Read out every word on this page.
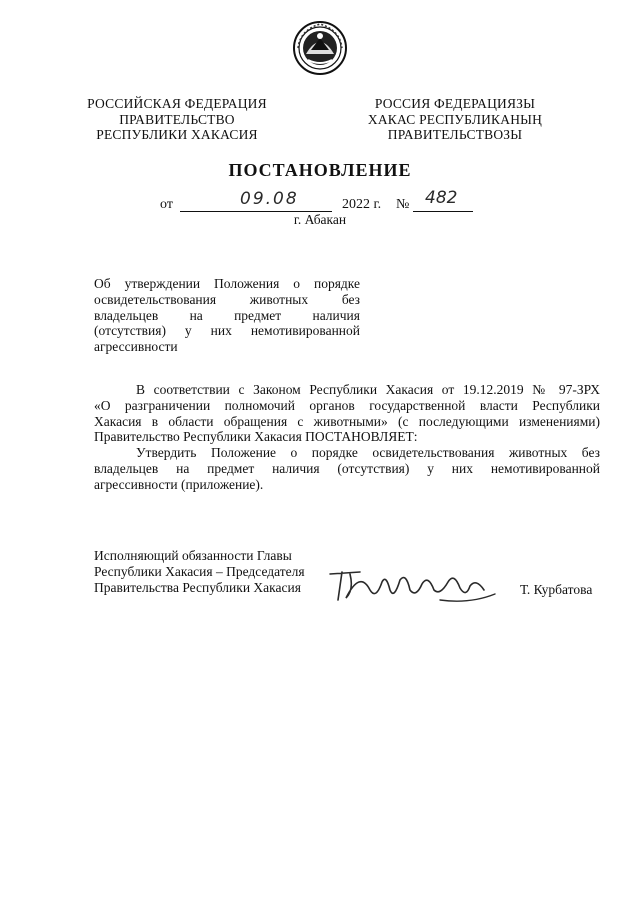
РОССИЙСКАЯ ФЕДЕРАЦИЯ
ПРАВИТЕЛЬСТВО
РЕСПУБЛИКИ ХАКАСИЯ
РОССИЯ ФЕДЕРАЦИЯЗЫ
ХАКАС РЕСПУБЛИКАНЫҢ
ПРАВИТЕЛЬСТВОЗЫ
ПОСТАНОВЛЕНИЕ
от	09.08	2022 г. № 482
г. Абакан
Об утверждении Положения о порядке
освидетельствования животных без
владельцев на предмет наличия
(отсутствия) у них немотивированной
агрессивности
В соответствии с Законом Республики Хакасия от 19.12.2019 № 97-ЗРХ
«О разграничении полномочий органов государственной власти Республики
Хакасия в области обращения с животными» (с последующими изменениями)
Правительство Республики Хакасия ПОСТАНОВЛЯЕТ:
Утвердить Положение о порядке освидетельствования животных без
владельцев на предмет наличия (отсутствия) у них немотивированной
агрессивности (приложение).
Исполняющий обязанности Главы
Республики Хакасия – Председателя
Правительства Республики Хакасия	Т. Курбатова
